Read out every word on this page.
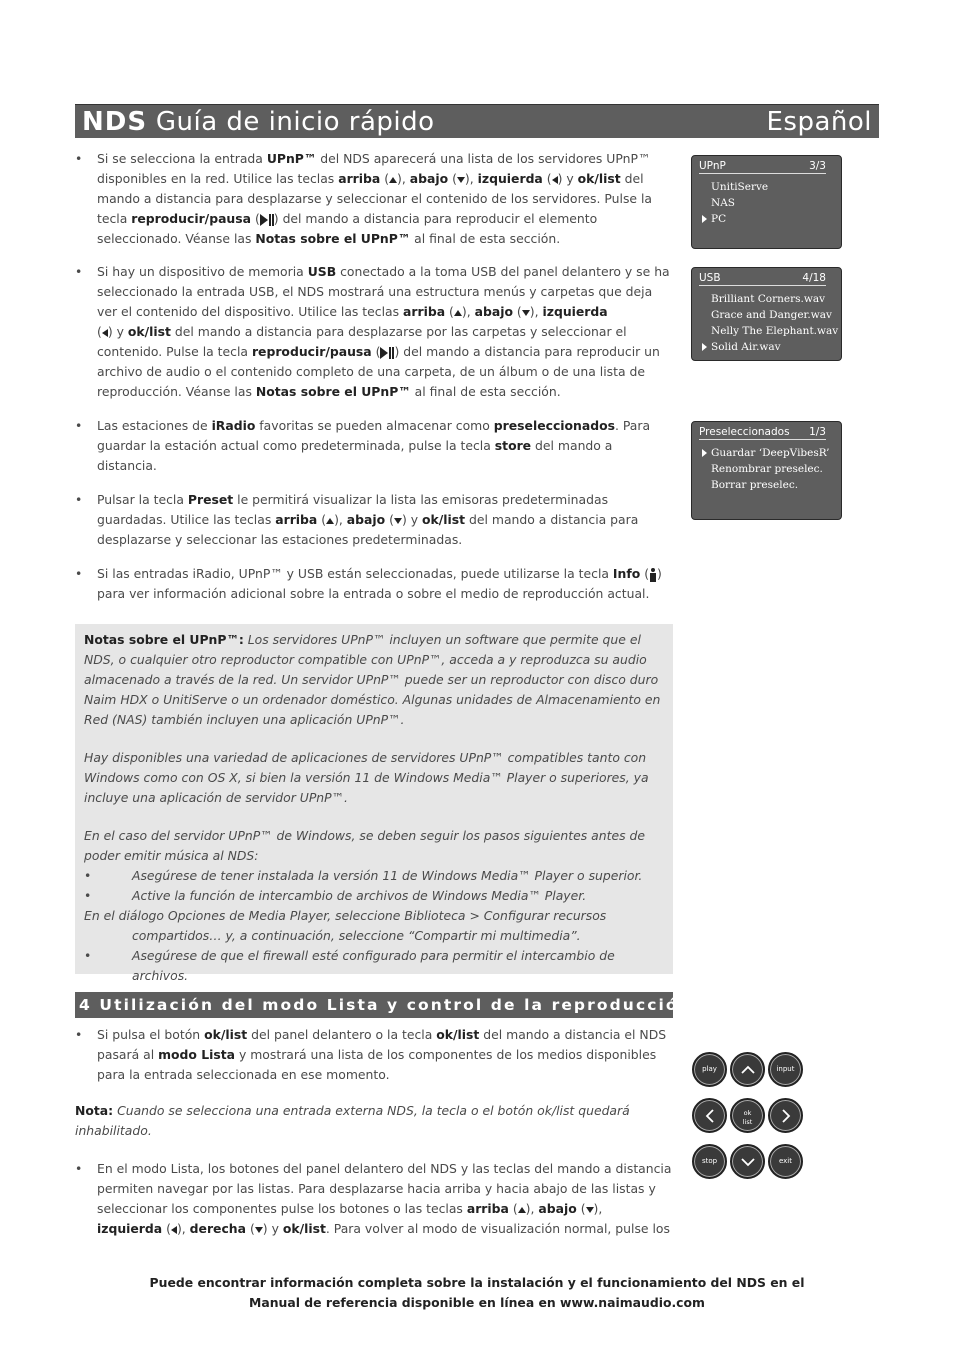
NDS Guía de inicio rápido	Español
• Si se selecciona la entrada UPnP™ del NDS aparecerá una lista de los servidores UPnP™ disponibles en la red. Utilice las teclas arriba ( ), abajo ( ), izquierda ( ) y ok/list del mando a distancia para desplazarse y seleccionar el contenido de los servidores. Pulse la tecla reproducir/pausa ( ) del mando a distancia para reproducir el elemento seleccionado. Véanse las Notas sobre el UPnP™ al final de esta sección.
• Si hay un dispositivo de memoria USB conectado a la toma USB del panel delantero y se ha seleccionado la entrada USB, el NDS mostrará una estructura menús y carpetas que deja ver el contenido del dispositivo. Utilice las teclas arriba ( ), abajo ( ), izquierda
( ) y ok/list del mando a distancia para desplazarse por las carpetas y seleccionar el contenido. Pulse la tecla reproducir/pausa ( ) del mando a distancia para reproducir un archivo de audio o el contenido completo de una carpeta, de un álbum o de una lista de reproducción. Véanse las Notas sobre el UPnP™ al final de esta sección.
• Las estaciones de iRadio favoritas se pueden almacenar como preseleccionados. Para guardar la estación actual como predeterminada, pulse la tecla store del mando a distancia.
• Pulsar la tecla Preset le permitirá visualizar la lista las emisoras predeterminadas guardadas. Utilice las teclas arriba ( ), abajo ( ) y ok/list del mando a distancia para desplazarse y seleccionar las estaciones predeterminadas.
• Si las entradas iRadio, UPnP™ y USB están seleccionadas, puede utilizarse la tecla Info ( ) para ver información adicional sobre la entrada o sobre el medio de reproducción actual.
UPnP	3/3
UnitiServe
NAS
PC
USB	4/18
Brilliant Corners.wav
Grace and Danger.wav
Nelly The Elephant.wav
Solid Air.wav
Preseleccionados 1/3
Guardar ‘DeepVibesR’
Renombrar preselec.
Borrar preselec.

Notas sobre el UPnP™: Los servidores UPnP™ incluyen un software que permite que el NDS, o cualquier otro reproductor compatible con UPnP™, acceda a y reproduzca su audio almacenado a través de la red. Un servidor UPnP™ puede ser un reproductor con disco duro Naim HDX o UnitiServe o un ordenador doméstico. Algunas unidades de Almacenamiento en Red (NAS) también incluyen una aplicación UPnP™.

Hay disponibles una variedad de aplicaciones de servidores UPnP™ compatibles tanto con Windows como con OS X, si bien la versión 11 de Windows Media™ Player o superiores, ya incluye una aplicación de servidor UPnP™.

En el caso del servidor UPnP™ de Windows, se deben seguir los pasos siguientes antes de poder emitir música al NDS:

•	Asegúrese de tener instalada la versión 11 de Windows Media™ Player o superior.
•	Active la función de intercambio de archivos de Windows Media™ Player.

En el diálogo Opciones de Media Player, seleccione Biblioteca > Configurar recursos

compartidos… y, a continuación, seleccione “Compartir mi multimedia”.

•	Asegúrese de que el firewall esté configurado para permitir el intercambio de archivos.
4 Utilización del modo Lista y control de la reproducción
• Si pulsa el botón ok/list del panel delantero o la tecla ok/list del mando a distancia el NDS pasará al modo Lista y mostrará una lista de los componentes de los medios disponibles para la entrada seleccionada en ese momento.
Nota: Cuando se selecciona una entrada externa NDS, la tecla o el botón ok/list quedará inhabilitado.
• En el modo Lista, los botones del panel delantero del NDS y las teclas del mando a distancia permiten navegar por las listas. Para desplazarse hacia arriba y hacia abajo de las listas y seleccionar los componentes pulse los botones o las teclas arriba ( ), abajo ( ),
izquierda ( ), derecha ( ) y ok/list. Para volver al modo de visualización normal, pulse los
play	input
ok
list
stop	exit
Puede encontrar información completa sobre la instalación y el funcionamiento del NDS en el
Manual de referencia disponible en línea en www.naimaudio.com
